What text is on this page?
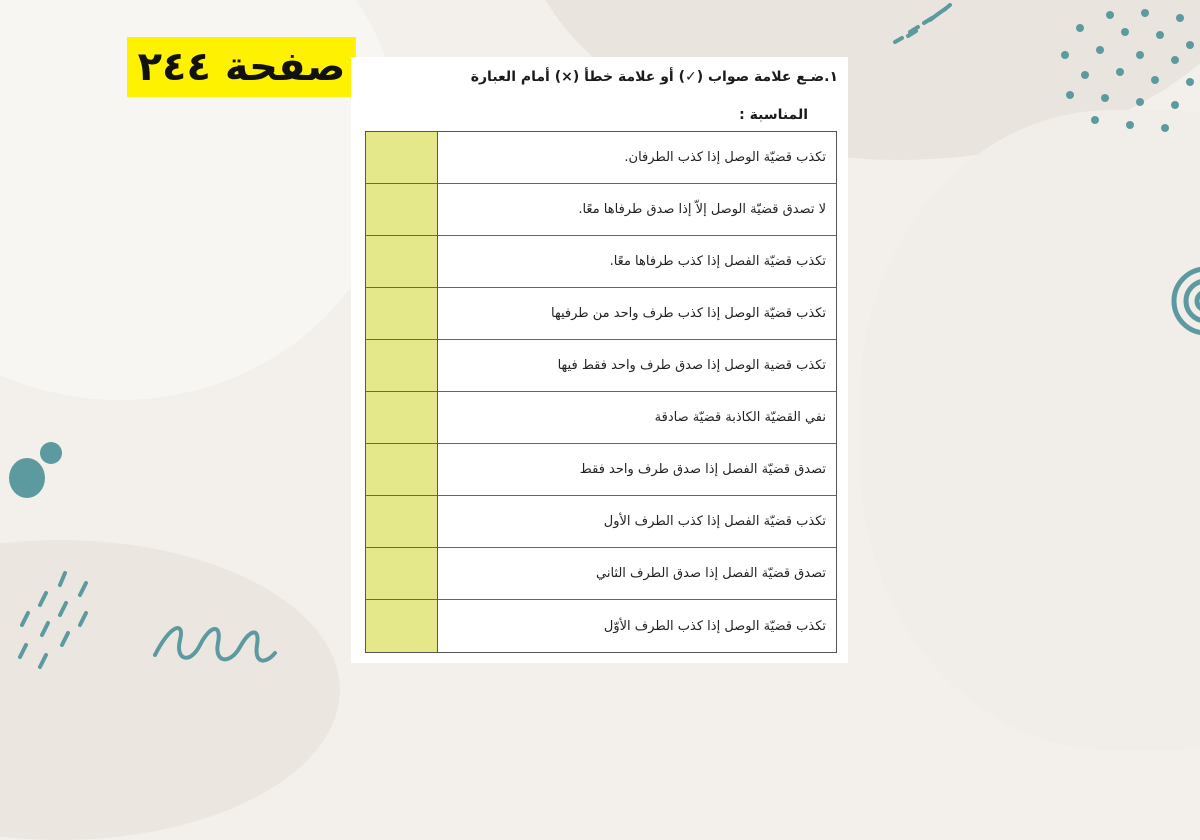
صفحة ٢٤٤	١.ضـع علامة صواب (✓) أو علامة خطأ (×) أمام العبارة
المناسبة :
تكذب قضيّة الوصل إذا كذب الطرفان.
لا تصدق قضيّة الوصل إلاّ إذا صدق طرفاها معًا.
تكذب قضيّة الفصل إذا كذب طرفاها معًا.
تكذب قضيّة الوصل إذا كذب طرف واحد من طرفيها
تكذب قضية الوصل إذا صدق طرف واحد فقط فيها
نفي القضيّة الكاذبة قضيّة صادقة
تصدق قضيّة الفصل إذا صدق طرف واحد فقط
تكذب قضيّة الفصل إذا كذب الطرف الأول
تصدق قضيّة الفصل إذا صدق الطرف الثاني
تكذب قضيّة الوصل إذا كذب الطرف الأوّل
